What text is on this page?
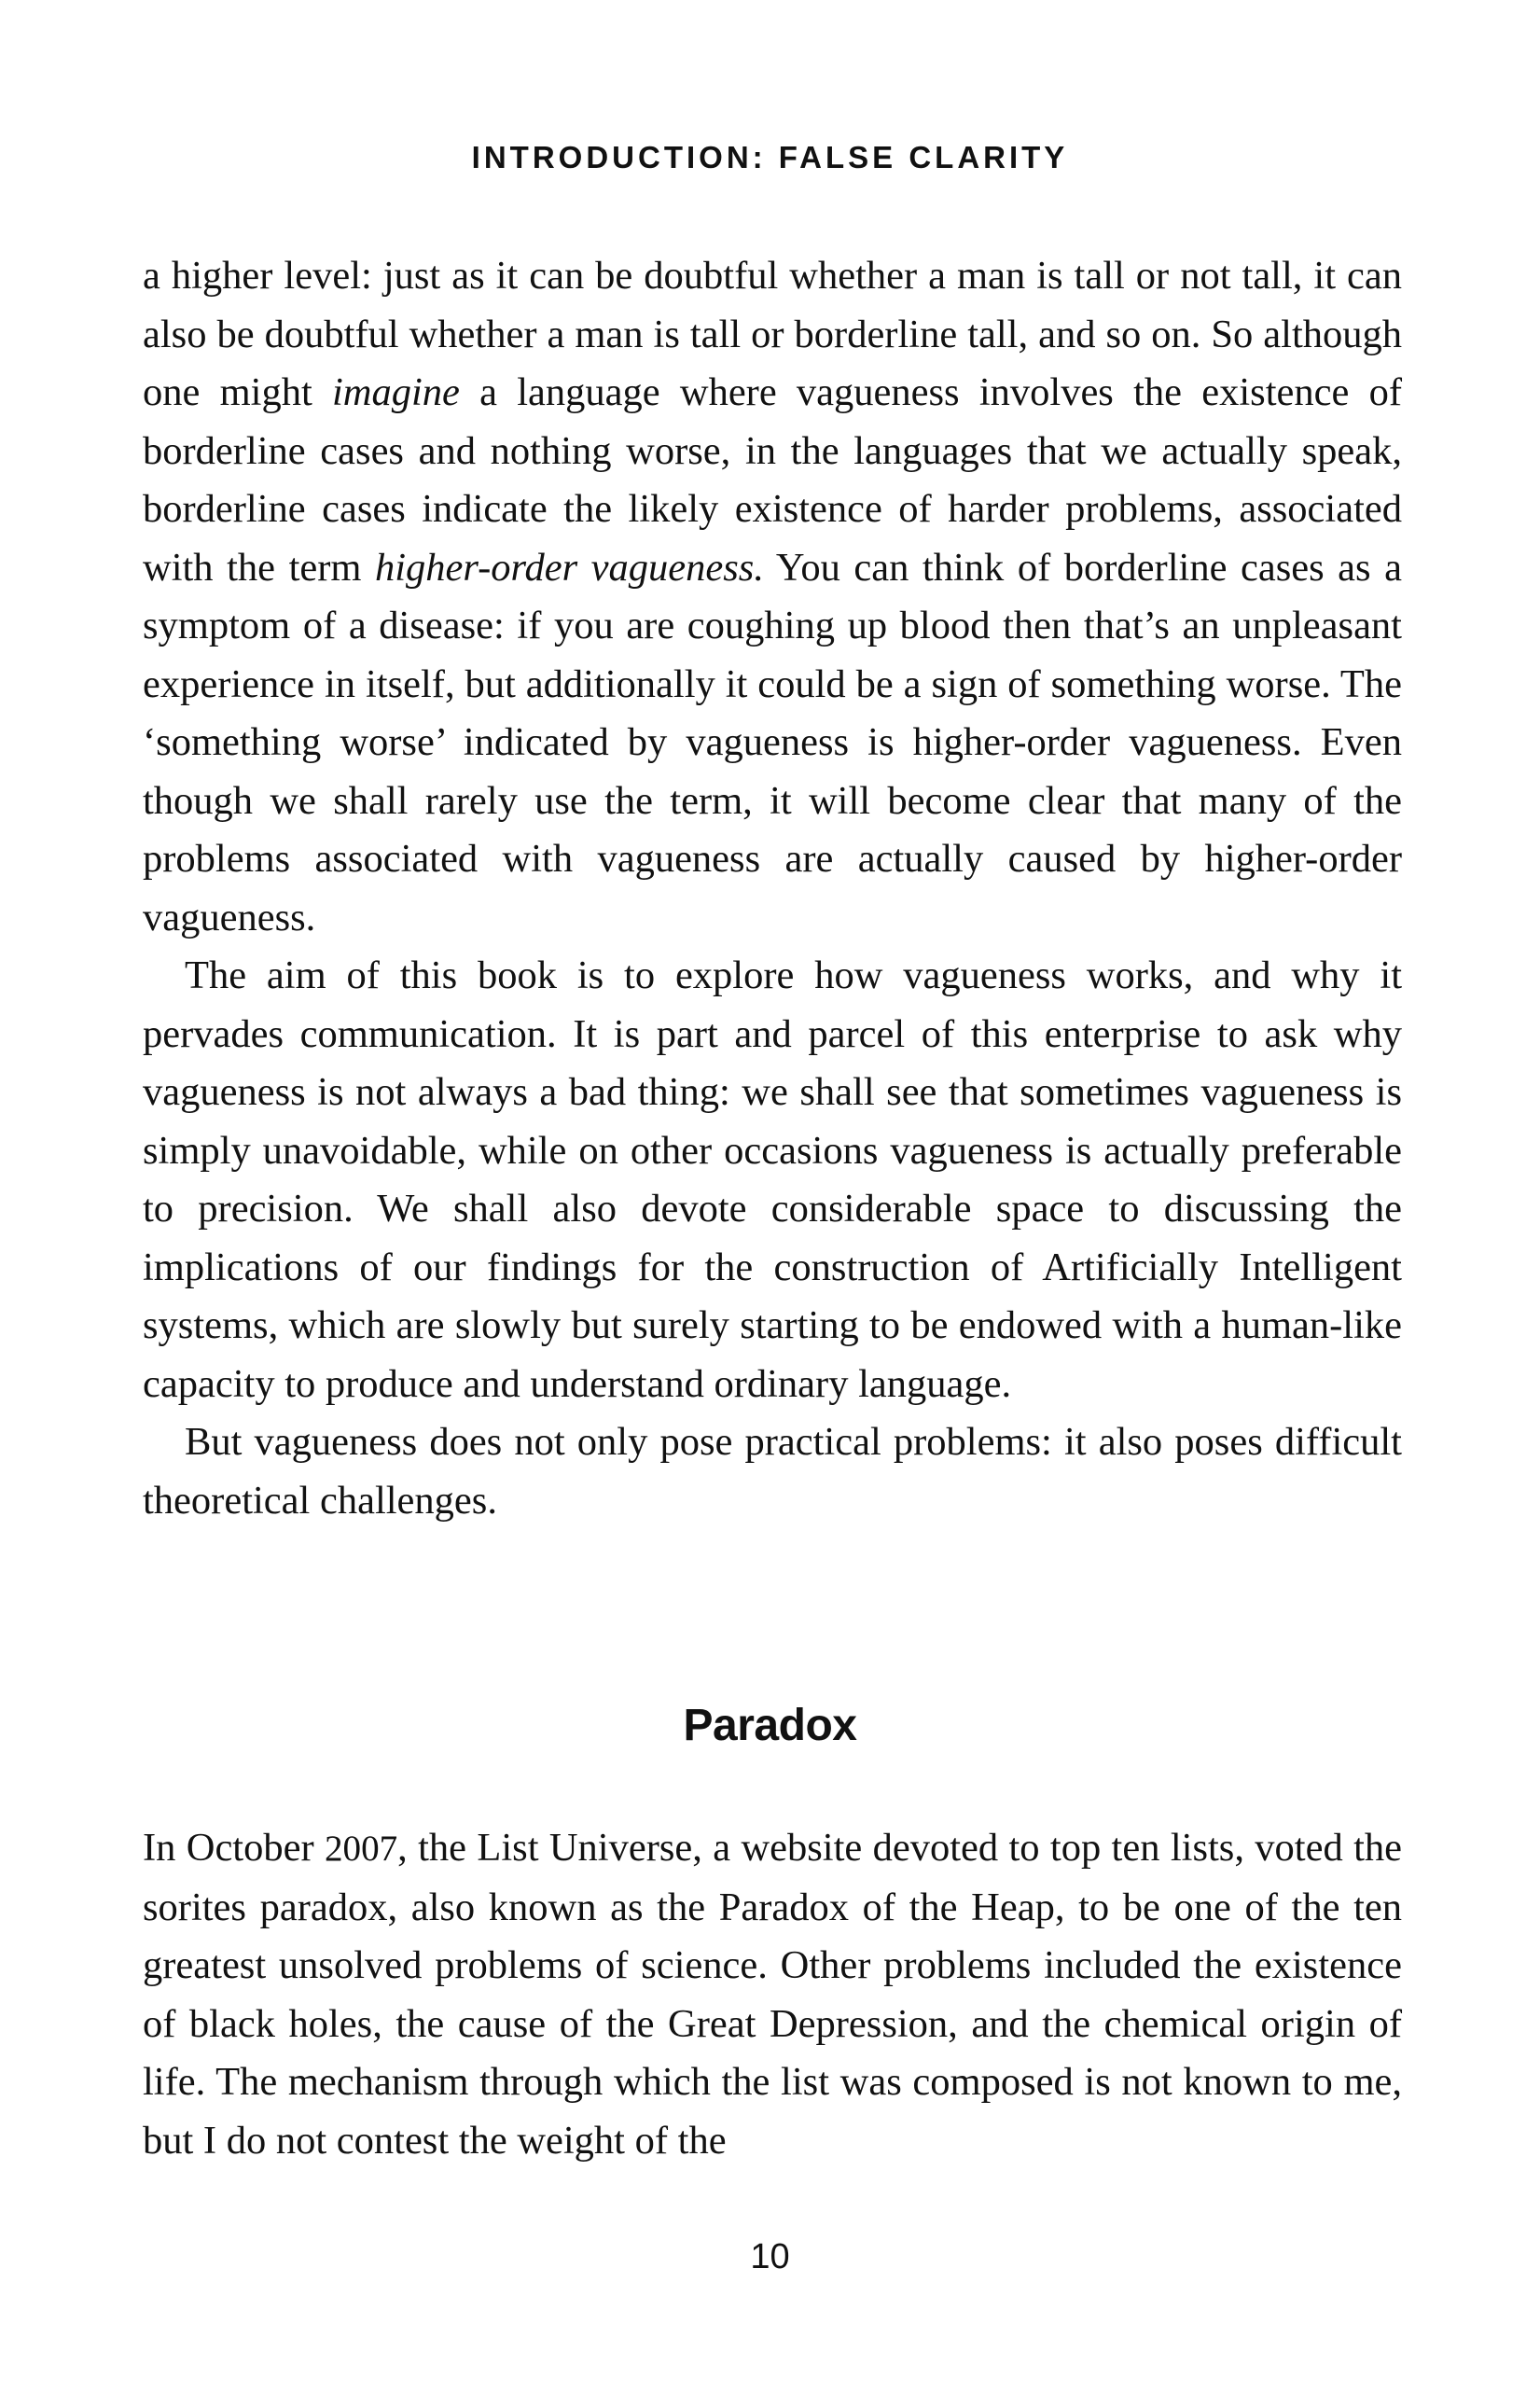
INTRODUCTION: FALSE CLARITY

a higher level: just as it can be doubtful whether a man is tall or not tall, it can also be doubtful whether a man is tall or borderline tall, and so on. So although one might imagine a language where vagueness involves the existence of borderline cases and nothing worse, in the languages that we actually speak, borderline cases indicate the likely existence of harder problems, associated with the term higher-order vagueness. You can think of borderline cases as a symptom of a disease: if you are coughing up blood then that’s an unpleasant experience in itself, but additionally it could be a sign of something worse. The ‘something worse’ indicated by vagueness is higher-order vagueness. Even though we shall rarely use the term, it will become clear that many of the problems associated with vagueness are actually caused by higher-order vagueness.

The aim of this book is to explore how vagueness works, and why it pervades communication. It is part and parcel of this enterprise to ask why vagueness is not always a bad thing: we shall see that sometimes vagueness is simply unavoidable, while on other occasions vagueness is actually preferable to precision. We shall also devote considerable space to discussing the implications of our findings for the construction of Artificially Intelligent systems, which are slowly but surely starting to be endowed with a human-like capacity to produce and understand ordinary language.

But vagueness does not only pose practical problems: it also poses difficult theoretical challenges.

Paradox

In October 2007, the List Universe, a website devoted to top ten lists, voted the sorites paradox, also known as the Paradox of the Heap, to be one of the ten greatest unsolved problems of science. Other problems included the existence of black holes, the cause of the Great Depression, and the chemical origin of life. The mechanism through which the list was composed is not known to me, but I do not contest the weight of the

10
